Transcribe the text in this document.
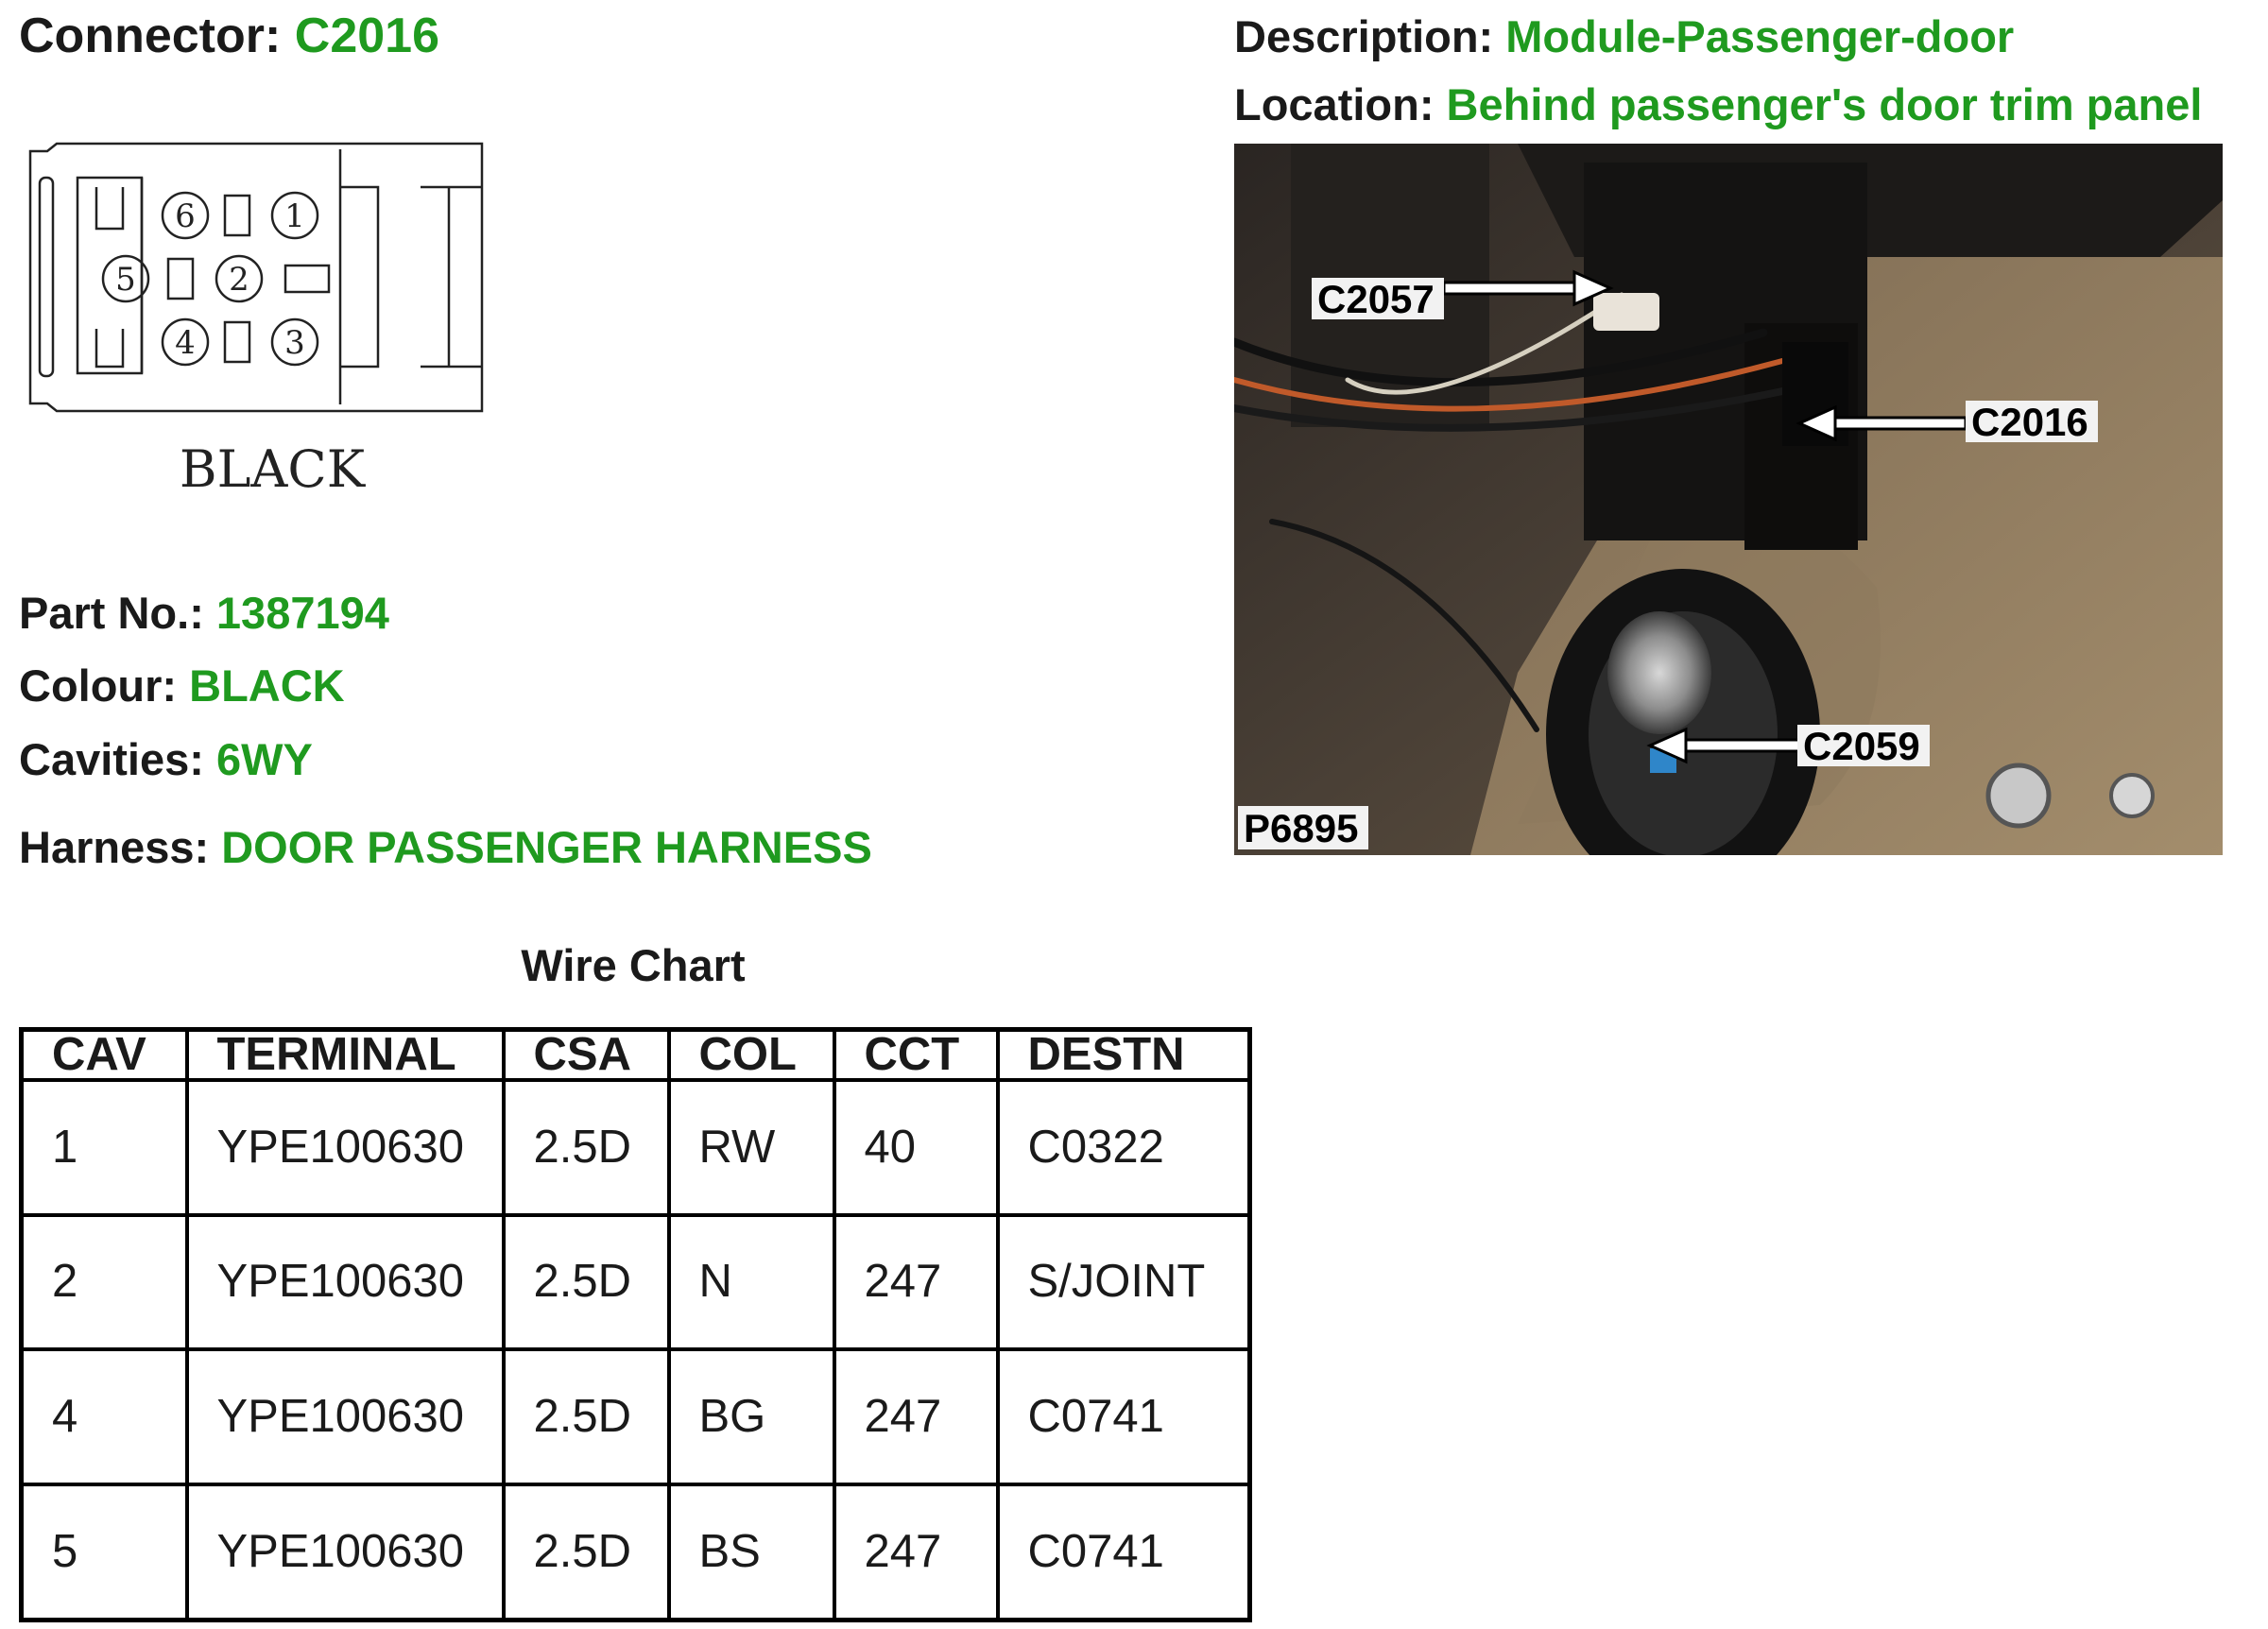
Connector: C2016	Description: Module-Passenger-door

Location: Behind passenger's door trim panel

1
2
3
4
5
6
BLACK
C2057
C2016
C2059
P6895

Part No.: 1387194

Colour: BLACK

Cavities: 6WY

Harness: DOOR PASSENGER HARNESS

Wire Chart
CAV	TERMINAL	CSA	COL	CCT	DESTN
1	YPE100630	2.5D	RW	40	C0322
2	YPE100630	2.5D	N	247	S/JOINT
4	YPE100630	2.5D	BG	247	C0741
5	YPE100630	2.5D	BS	247	C0741
